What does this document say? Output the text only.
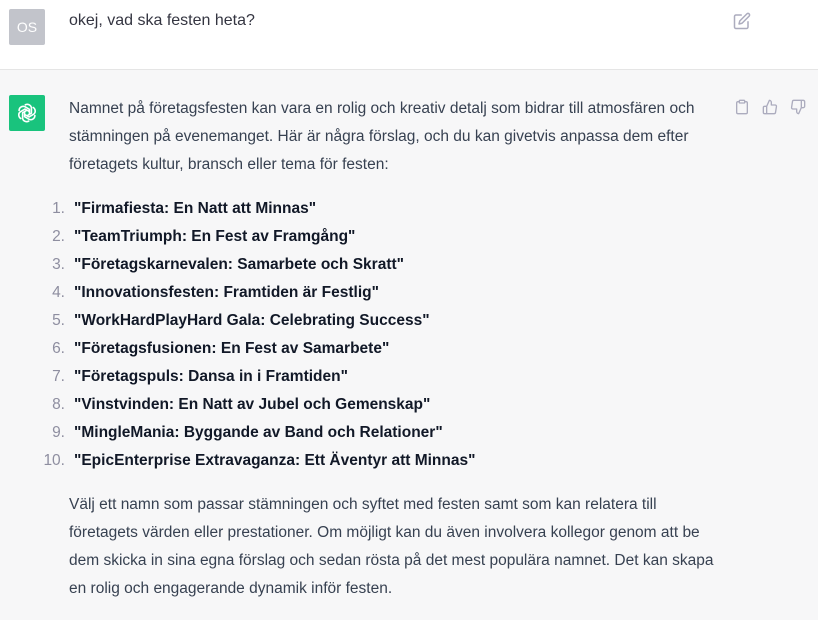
OS okej, vad ska festen heta?

Namnet på företagsfesten kan vara en rolig och kreativ detalj som bidrar till atmosfären och stämningen på evenemanget. Här är några förslag, och du kan givetvis anpassa dem efter företagets kultur, bransch eller tema för festen:

1. "Firmafiesta: En Natt att Minnas"
2. "TeamTriumph: En Fest av Framgång"
3. "Företagskarnevalen: Samarbete och Skratt"
4. "Innovationsfesten: Framtiden är Festlig"
5. "WorkHardPlayHard Gala: Celebrating Success"
6. "Företagsfusionen: En Fest av Samarbete"
7. "Företagspuls: Dansa in i Framtiden"
8. "Vinstvinden: En Natt av Jubel och Gemenskap"
9. "MingleMania: Byggande av Band och Relationer"
10. "EpicEnterprise Extravaganza: Ett Äventyr att Minnas"

Välj ett namn som passar stämningen och syftet med festen samt som kan relatera till företagets värden eller prestationer. Om möjligt kan du även involvera kollegor genom att be dem skicka in sina egna förslag och sedan rösta på det mest populära namnet. Det kan skapa en rolig och engagerande dynamik inför festen.
